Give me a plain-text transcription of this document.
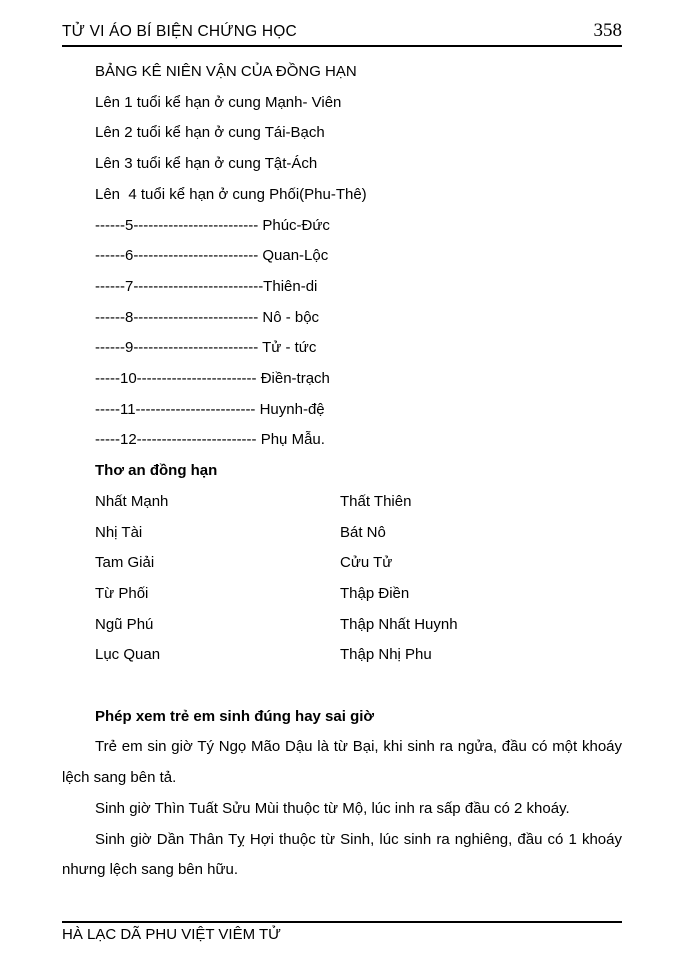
TỬ VI ÁO BÍ BIỆN CHỨNG HỌC	358
BẢNG KÊ NIÊN VẬN CỦA ĐỒNG HẠN
Lên 1 tuổi kể hạn ở cung Mạnh- Viên
Lên 2 tuổi kể hạn ở cung Tái-Bạch
Lên 3 tuổi kể hạn ở cung Tật-Ách
Lên  4 tuổi kể hạn ở cung Phối(Phu-Thê)
------5------------------------- Phúc-Đức
------6------------------------- Quan-Lộc
------7--------------------------Thiên-di
------8------------------------- Nô - bộc
------9------------------------- Tử - tức
-----10------------------------ Điền-trạch
-----11------------------------ Huynh-đệ
-----12------------------------ Phụ Mẫu.
Thơ an đồng hạn
Nhất Mạnh	Thất Thiên
Nhị Tài	Bát Nô
Tam Giải	Cửu Tử
Từ Phối	Thập Điền
Ngũ Phú	Thập Nhất Huynh
Lục Quan	Thập Nhị Phu
Phép xem trẻ em sinh đúng hay sai giờ

Trẻ em sin giờ Tý Ngọ Mão Dậu là từ Bại, khi sinh ra ngửa, đầu có một khoáy lệch sang bên tả.

Sinh giờ Thìn Tuất Sửu Mùi thuộc từ Mộ, lúc inh ra sấp đầu có 2 khoáy.

Sinh giờ Dần Thân Tỵ Hợi thuộc từ Sinh, lúc sinh ra nghiêng, đầu có 1 khoáy nhưng lệch sang bên hữu.

HÀ LẠC DÃ PHU VIỆT VIÊM TỬ
